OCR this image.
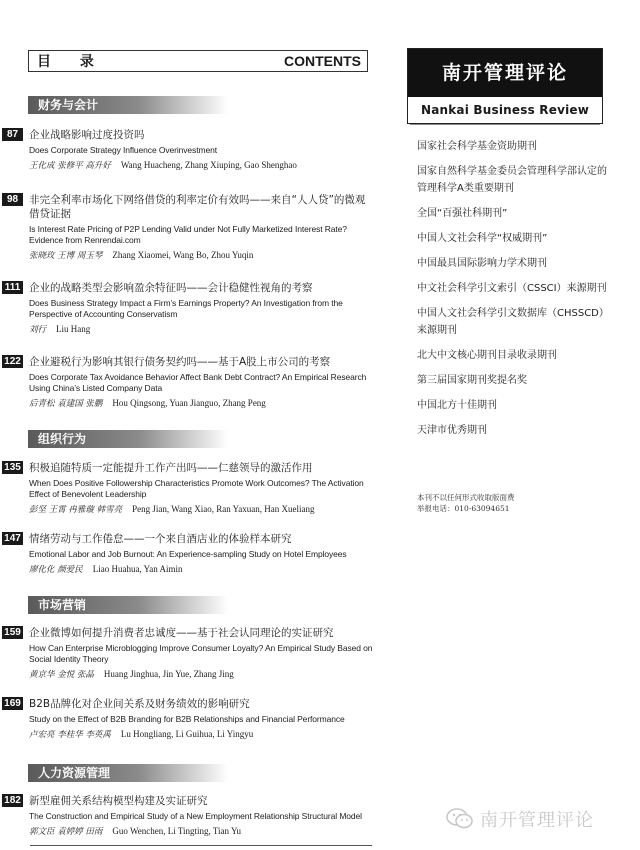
目 录	CONTENTS
财务与会计
87	企业战略影响过度投资吗
Does Corporate Strategy Influence Overinvestment
王化成 张修平 高升好 Wang Huacheng, Zhang Xiuping, Gao Shenghao
98	非完全利率市场化下网络借贷的利率定价有效吗——来自“人人贷”的微观借贷证据
Is Interest Rate Pricing of P2P Lending Valid under Not Fully Marketized Interest Rate? Evidence from Renrendai.com
张晓玫 王博 周玉琴 Zhang Xiaomei, Wang Bo, Zhou Yuqin
111 企业的战略类型会影响盈余特征吗——会计稳健性视角的考察
Does Business Strategy Impact a Firm’s Earnings Property? An Investigation from the Perspective of Accounting Conservatism
刘行 Liu Hang
122 企业避税行为影响其银行债务契约吗——基于A股上市公司的考察
Does Corporate Tax Avoidance Behavior Affect Bank Debt Contract? An Empirical Research Using China’s Listed Company Data
后青松 袁建国 张鹏 Hou Qingsong, Yuan Jianguo, Zhang Peng
组织行为
135 积极追随特质一定能提升工作产出吗——仁慈领导的激活作用
When Does Positive Followership Characteristics Promote Work Outcomes? The Activation Effect of Benevolent Leadership
彭坚 王霄 冉雅璇 韩雪亮 Peng Jian, Wang Xiao, Ran Yaxuan, Han Xueliang
147 情绪劳动与工作倦怠——一个来自酒店业的体验样本研究
Emotional Labor and Job Burnout: An Experience-sampling Study on Hotel Employees
廖化化 颜爱民 Liao Huahua, Yan Aimin
市场营销
159 企业微博如何提升消费者忠诚度——基于社会认同理论的实证研究
How Can Enterprise Microblogging Improve Consumer Loyalty? An Empirical Study Based on Social Identity Theory
黄京华 金悦 张晶 Huang Jinghua, Jin Yue, Zhang Jing
169 B2B品牌化对企业间关系及财务绩效的影响研究
Study on the Effect of B2B Branding for B2B Relationships and Financial Performance
卢宏亮 李桂华 李英禹 Lu Hongliang, Li Guihua, Li Yingyu
人力资源管理
182 新型雇佣关系结构模型构建及实证研究
The Construction and Empirical Study of a New Employment Relationship Structural Model
郭文臣 袁婷婷 田雨 Guo Wenchen, Li Tingting, Tian Yu
南开管理评论
Nankai Business Review
国家社会科学基金资助期刊
国家自然科学基金委员会管理科学部认定的管理科学A类重要期刊
全国“百强社科期刊”
中国人文社会科学“权威期刊”
中国最具国际影响力学术期刊
中文社会科学引文索引（CSSCI）来源期刊
中国人文社会科学引文数据库（CHSSCD）来源期刊
北大中文核心期刊目录收录期刊
第三届国家期刊奖提名奖
中国北方十佳期刊
天津市优秀期刊
本刊不以任何形式收取版面费
举报电话：010-63094651
南开管理评论
